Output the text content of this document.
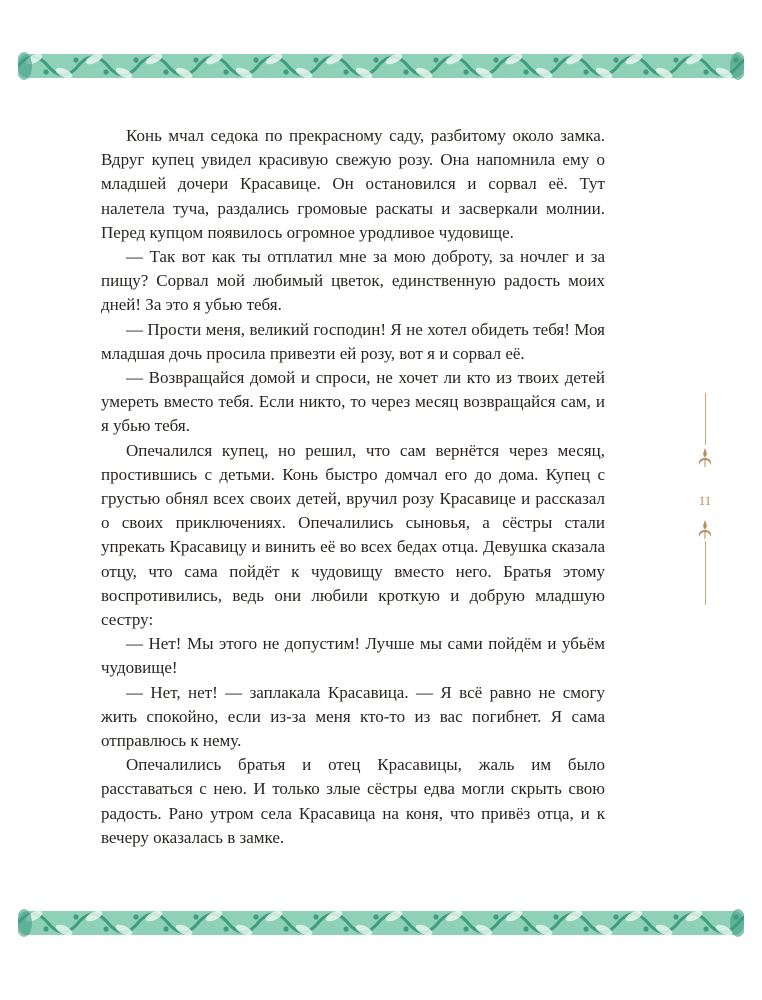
Конь мчал седока по прекрасному саду, разбитому около замка. Вдруг купец увидел красивую свежую розу. Она напомнила ему о младшей дочери Красавице. Он остановился и сорвал её. Тут налетела туча, раздались громовые раскаты и засверкали молнии. Перед купцом появилось огромное уродливое чудовище.

— Так вот как ты отплатил мне за мою доброту, за ночлег и за пищу? Сорвал мой любимый цветок, единственную радость моих дней! За это я убью тебя.

— Прости меня, великий господин! Я не хотел обидеть тебя! Моя младшая дочь просила привезти ей розу, вот я и сорвал её.

— Возвращайся домой и спроси, не хочет ли кто из твоих детей умереть вместо тебя. Если никто, то через месяц возвращайся сам, и я убью тебя.

Опечалился купец, но решил, что сам вернётся через месяц, простившись с детьми. Конь быстро домчал его до дома. Купец с грустью обнял всех своих детей, вручил розу Красавице и рассказал о своих приключениях. Опечалились сыновья, а сёстры стали упрекать Красавицу и винить её во всех бедах отца. Девушка сказала отцу, что сама пойдёт к чудовищу вместо него. Братья этому воспротивились, ведь они любили кроткую и добрую младшую сестру:

— Нет! Мы этого не допустим! Лучше мы сами пойдём и убьём чудовище!

— Нет, нет! — заплакала Красавица. — Я всё равно не смогу жить спокойно, если из-за меня кто-то из вас погибнет. Я сама отправлюсь к нему.

Опечалились братья и отец Красавицы, жаль им было расставаться с нею. И только злые сёстры едва могли скрыть свою радость. Рано утром села Красавица на коня, что привёз отца, и к вечеру оказалась в замке.

11
